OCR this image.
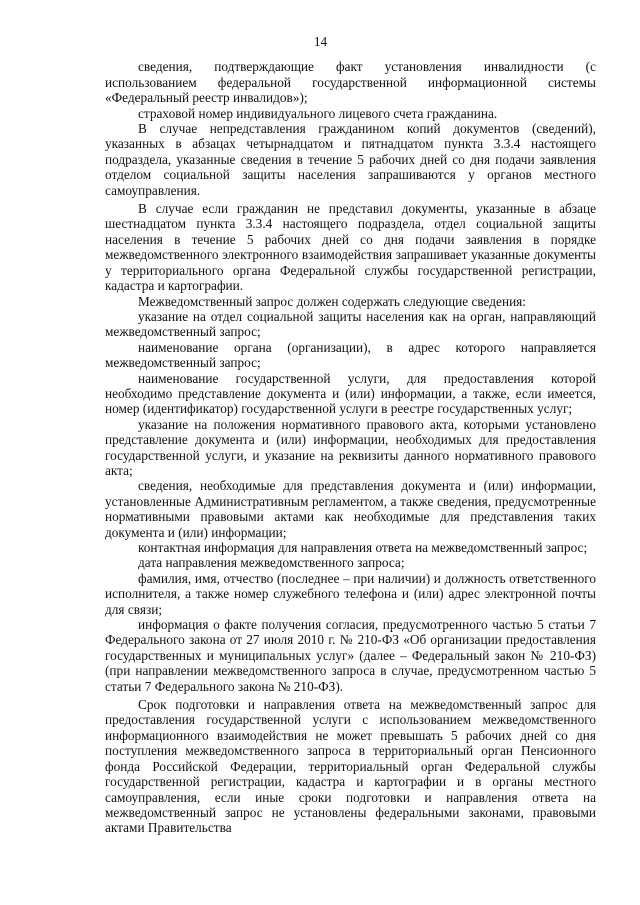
14

сведения, подтверждающие факт установления инвалидности (с использованием федеральной государственной информационной системы «Федеральный реестр инвалидов»);

страховой номер индивидуального лицевого счета гражданина.

В случае непредставления гражданином копий документов (сведений), указанных в абзацах четырнадцатом и пятнадцатом пункта 3.3.4 настоящего подраздела, указанные сведения в течение 5 рабочих дней со дня подачи заявления отделом социальной защиты населения запрашиваются у органов местного самоуправления.

В случае если гражданин не представил документы, указанные в абзаце шестнадцатом пункта 3.3.4 настоящего подраздела, отдел социальной защиты населения в течение 5 рабочих дней со дня подачи заявления в порядке межведомственного электронного взаимодействия запрашивает указанные документы у территориального органа Федеральной службы государственной регистрации, кадастра и картографии.

Межведомственный запрос должен содержать следующие сведения:

указание на отдел социальной защиты населения как на орган, направляющий межведомственный запрос;

наименование органа (организации), в адрес которого направляется межведомственный запрос;

наименование государственной услуги, для предоставления которой необходимо представление документа и (или) информации, а также, если имеется, номер (идентификатор) государственной услуги в реестре государственных услуг;

указание на положения нормативного правового акта, которыми установлено представление документа и (или) информации, необходимых для предоставления государственной услуги, и указание на реквизиты данного нормативного правового акта;

сведения, необходимые для представления документа и (или) информации, установленные Административным регламентом, а также сведения, предусмотренные нормативными правовыми актами как необходимые для представления таких документа и (или) информации;

контактная информация для направления ответа на межведомственный запрос;

дата направления межведомственного запроса;

фамилия, имя, отчество (последнее – при наличии) и должность ответственного исполнителя, а также номер служебного телефона и (или) адрес электронной почты для связи;

информация о факте получения согласия, предусмотренного частью 5 статьи 7 Федерального закона от 27 июля 2010 г. № 210-ФЗ «Об организации предоставления государственных и муниципальных услуг» (далее – Федеральный закон № 210-ФЗ) (при направлении межведомственного запроса в случае, предусмотренном частью 5 статьи 7 Федерального закона № 210-ФЗ).

Срок подготовки и направления ответа на межведомственный запрос для предоставления государственной услуги с использованием межведомственного информационного взаимодействия не может превышать 5 рабочих дней со дня поступления межведомственного запроса в территориальный орган Пенсионного фонда Российской Федерации, территориальный орган Федеральной службы государственной регистрации, кадастра и картографии и в органы местного самоуправления, если иные сроки подготовки и направления ответа на межведомственный запрос не установлены федеральными законами, правовыми актами Правительства
